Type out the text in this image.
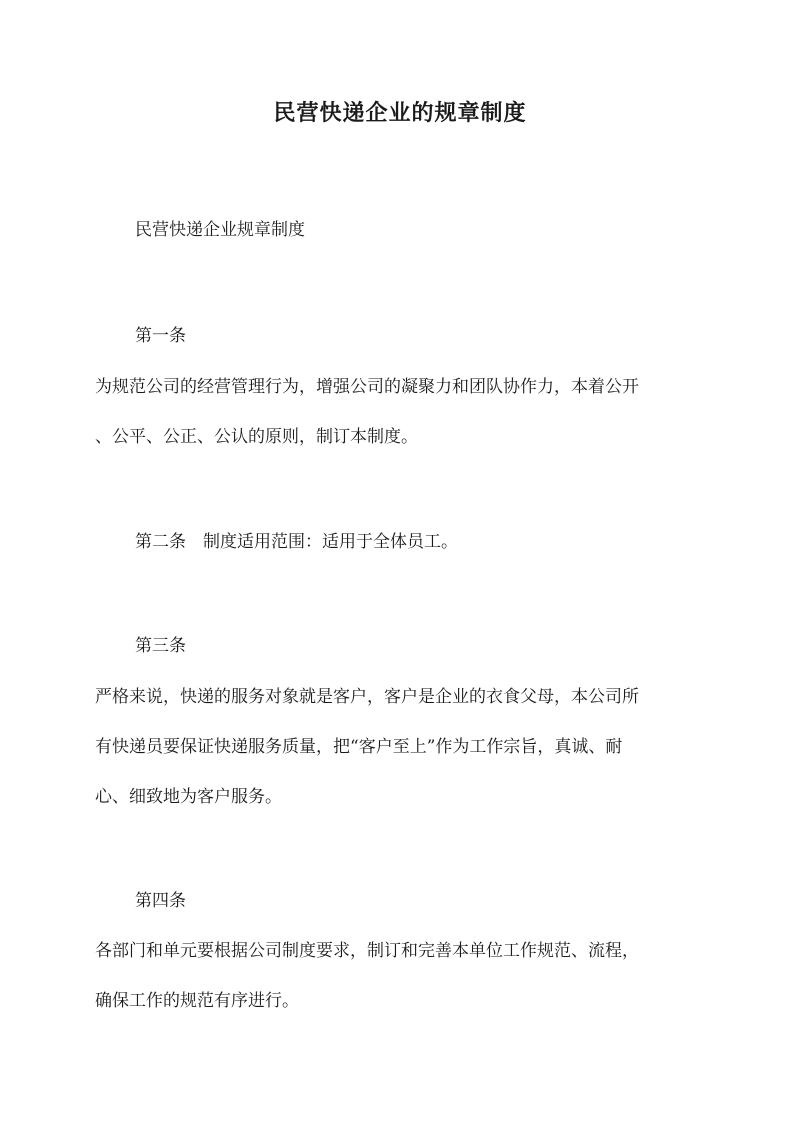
民营快递企业的规章制度

民营快递企业规章制度

第一条

为规范公司的经营管理行为，增强公司的凝聚力和团队协作力，本着公开

、公平、公正、公认的原则，制订本制度。

第二条　制度适用范围：适用于全体员工。

第三条

严格来说，快递的服务对象就是客户，客户是企业的衣食父母，本公司所

有快递员要保证快递服务质量，把“客户至上”作为工作宗旨，真诚、耐

心、细致地为客户服务。

第四条

各部门和单元要根据公司制度要求，制订和完善本单位工作规范、流程，

确保工作的规范有序进行。
